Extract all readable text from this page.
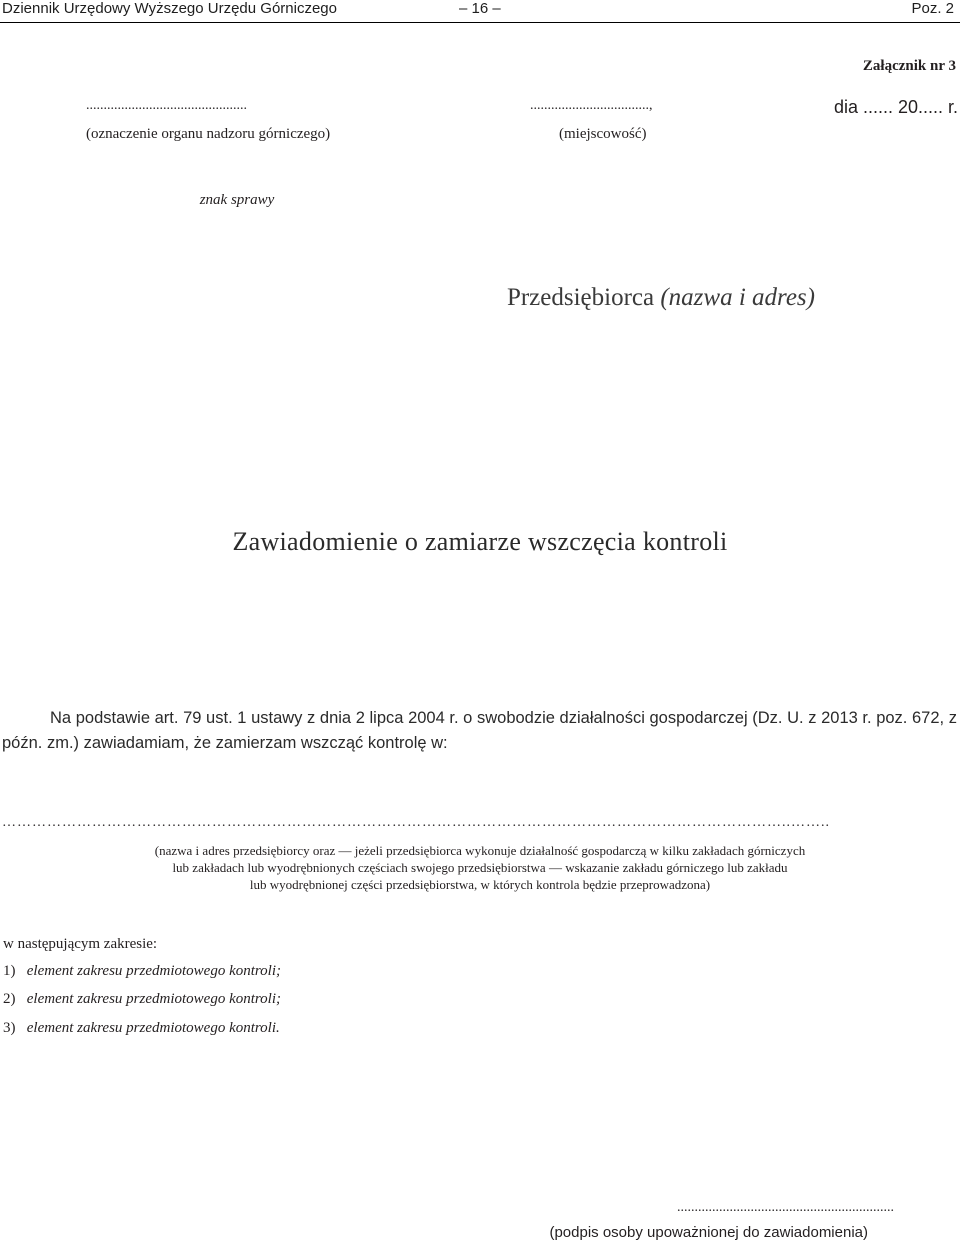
Dziennik Urzędowy Wyższego Urzędu Górniczego	– 16 –	Poz. 2
Załącznik nr 3
..............................................
(oznaczenie organu nadzoru górniczego)
..................................,
(miejscowość)
dia ...... 20..... r.
znak sprawy
Przedsiębiorca (nazwa i adres)
Zawiadomienie o zamiarze wszczęcia kontroli
Na podstawie art. 79 ust. 1 ustawy z dnia 2 lipca 2004 r. o swobodzie działalności gospodarczej (Dz. U. z 2013 r. poz. 672, z późn. zm.) zawiadamiam, że zamierzam wszcząć kontrolę w:
…………………………………………………………………………………………………………………………………………..……..
(nazwa i adres przedsiębiorcy oraz — jeżeli przedsiębiorca wykonuje działalność gospodarczą w kilku zakładach górniczych
lub zakładach lub wyodrębnionych częściach swojego przedsiębiorstwa — wskazanie zakładu górniczego lub zakładu
lub wyodrębnionej części przedsiębiorstwa, w których kontrola będzie przeprowadzona)
w następującym zakresie:
1) element zakresu przedmiotowego kontroli;
2) element zakresu przedmiotowego kontroli;
3) element zakresu przedmiotowego kontroli.
..............................................................
(podpis osoby upoważnionej do zawiadomienia)
